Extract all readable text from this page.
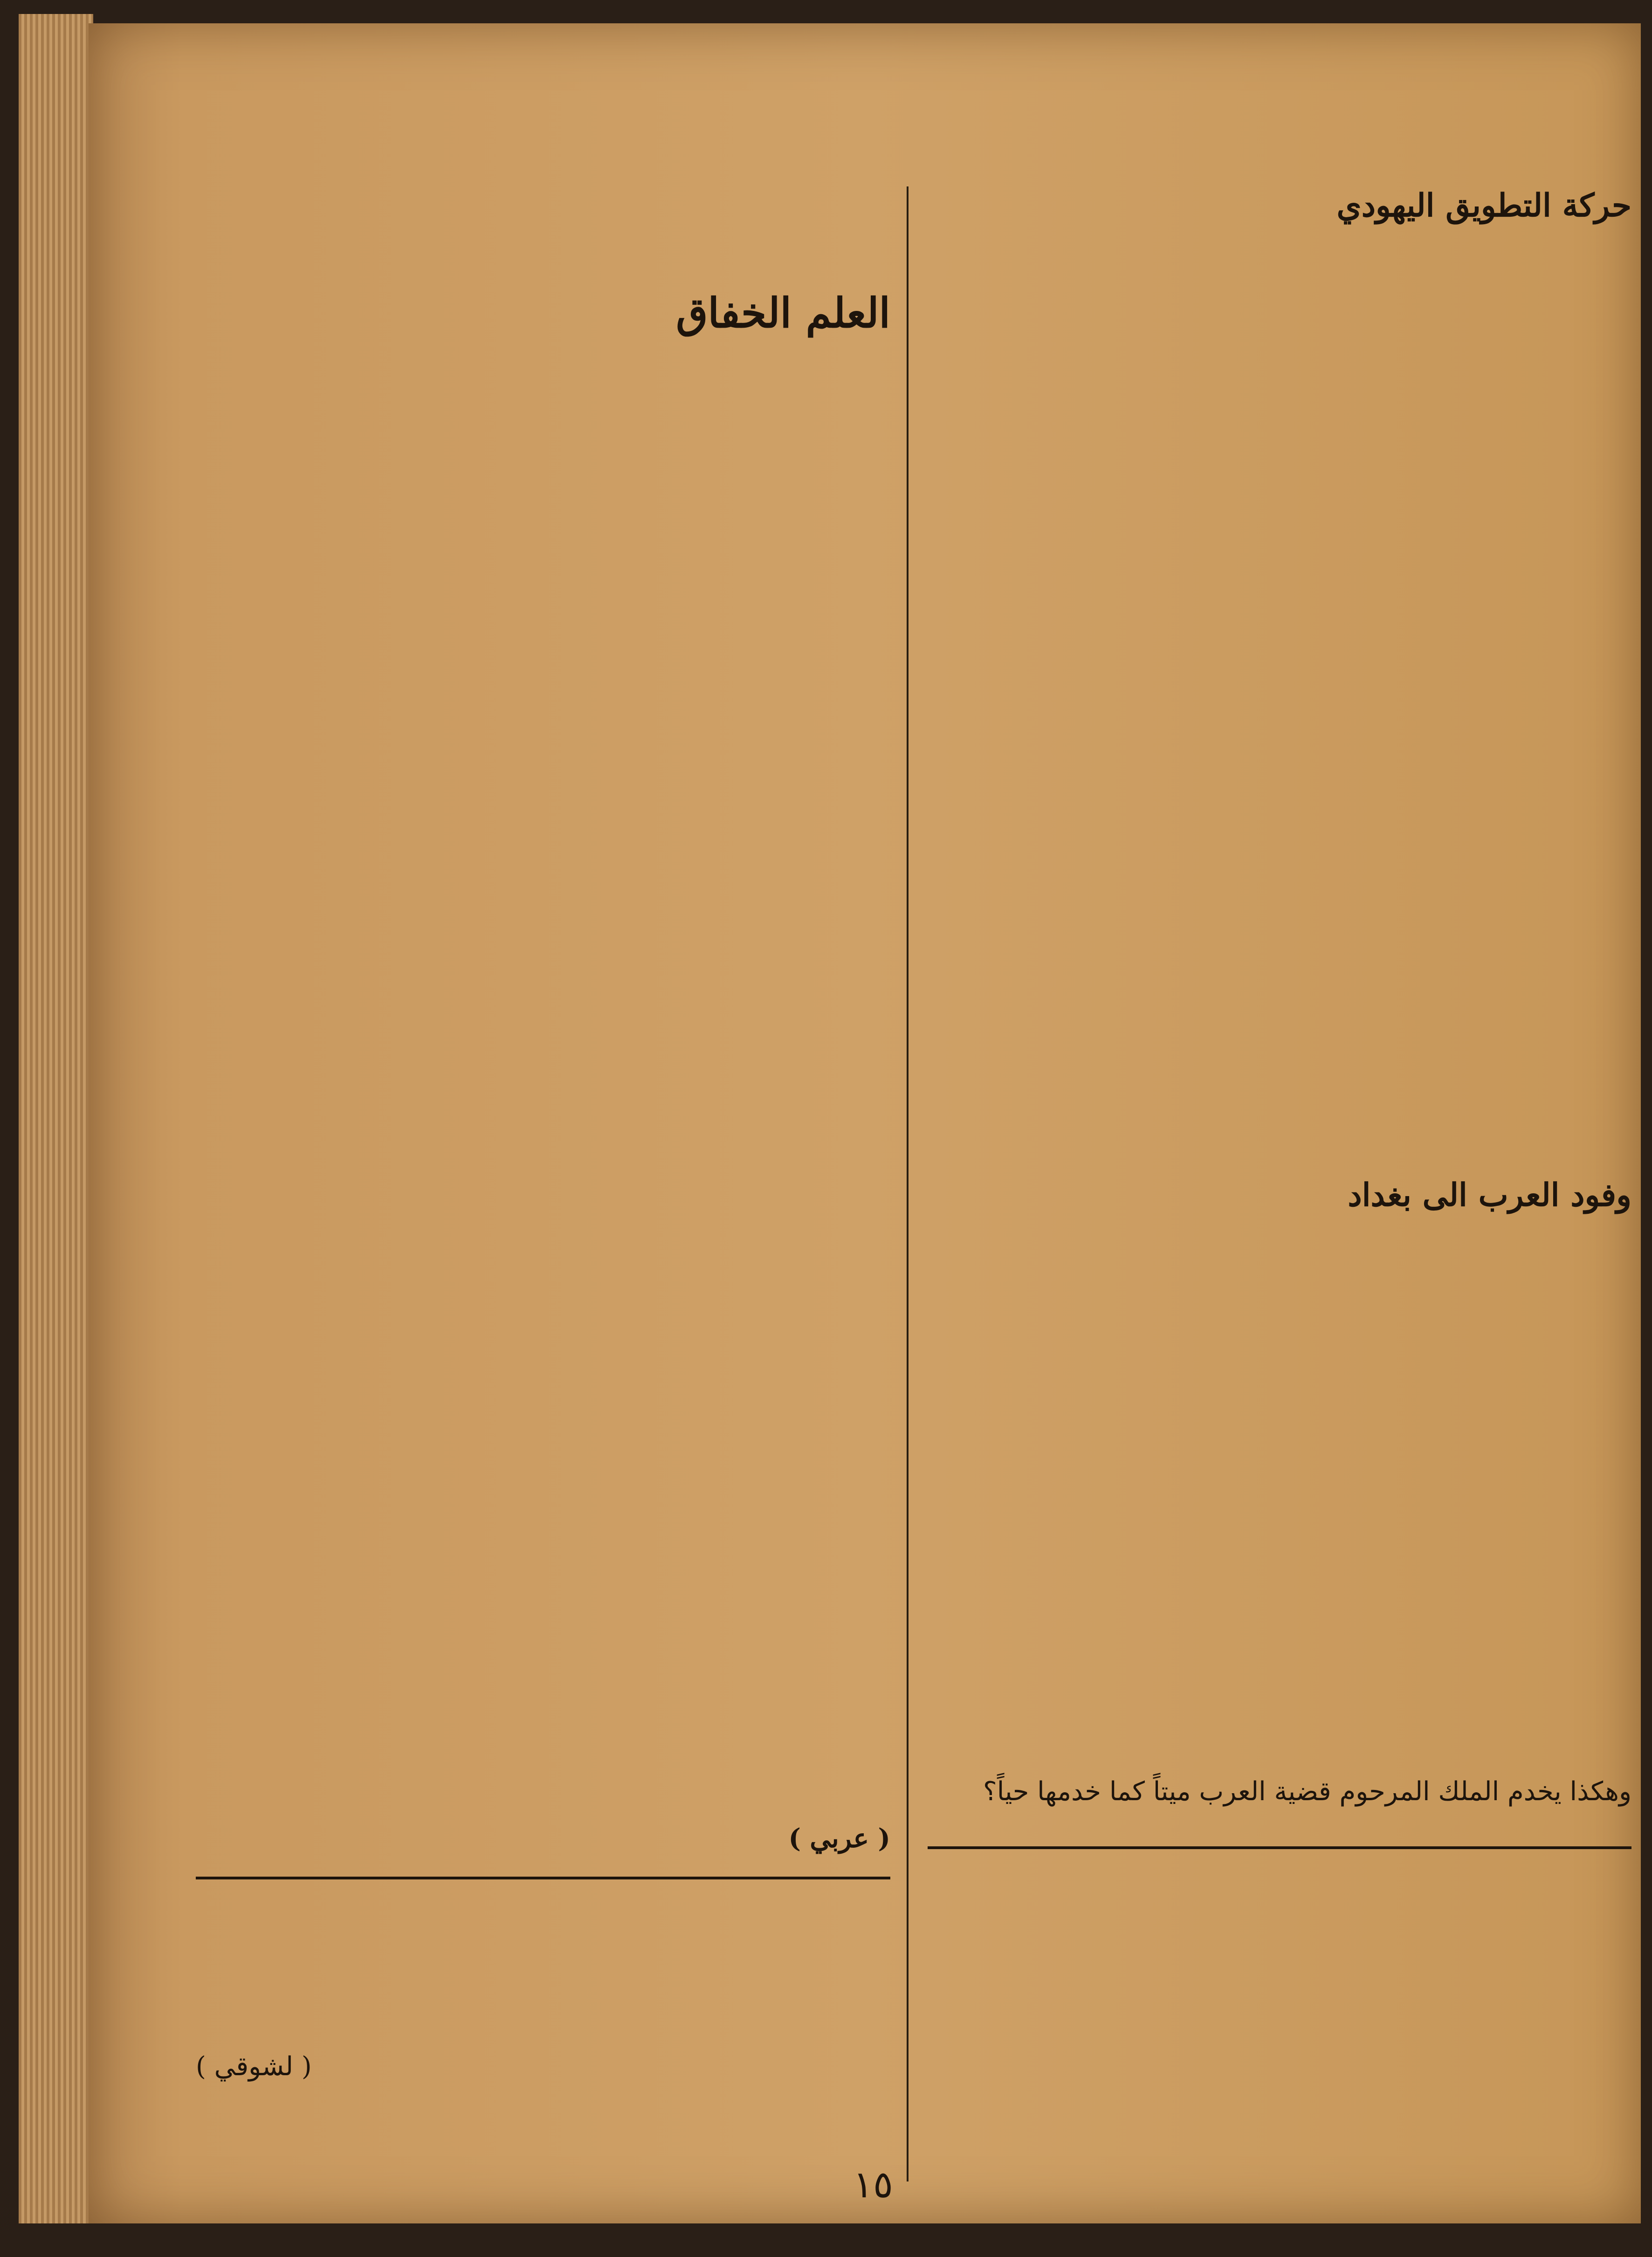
حركة التطويق اليهودي
وفود العرب الى بغداد

وهكذا يخدم الملك المرحوم قضية العرب ميتاً كما خدمها حياً؟

العلم الخفاق
( عربي )
( لشوقي )
١٥
